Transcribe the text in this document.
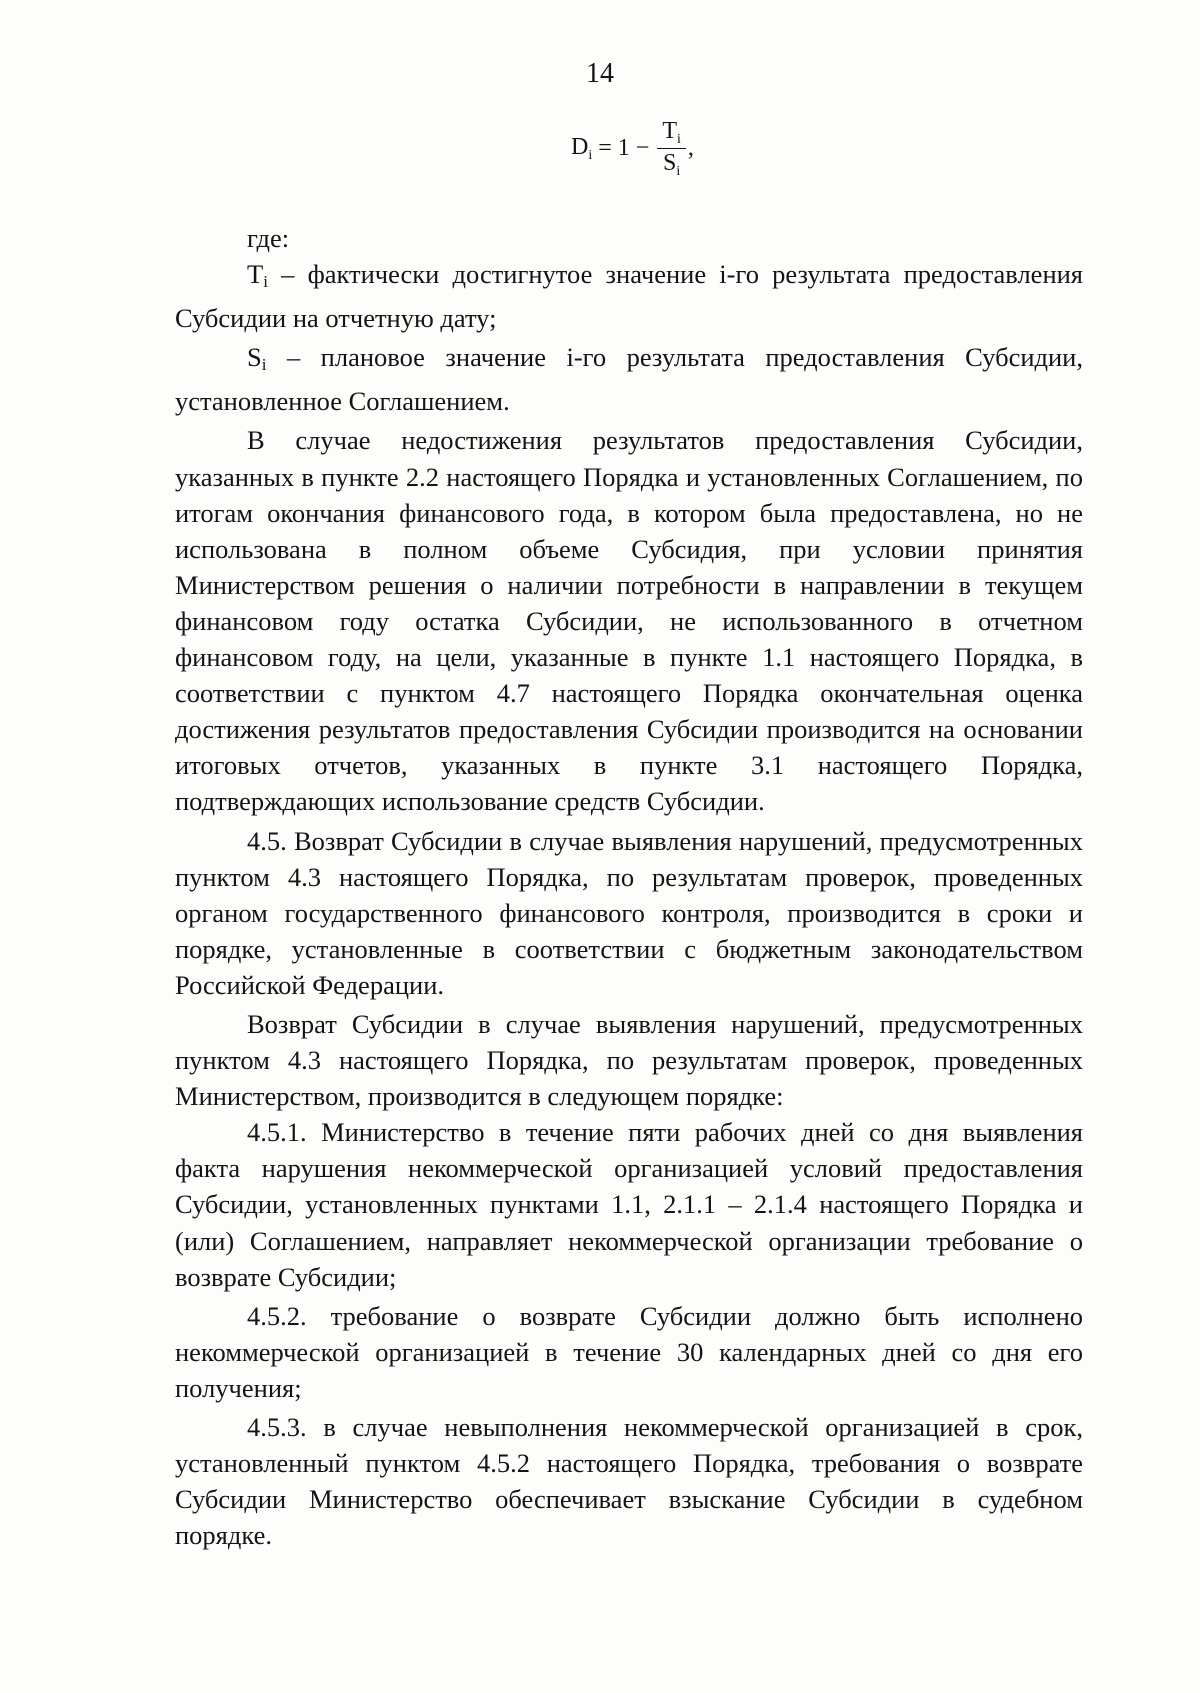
14
$D_i = 1 - \frac{T_i}{S_i}$ ,

где:

$T_i$ – фактически достигнутое значение i-го результата предоставления Субсидии на отчетную дату;

$S_i$ – плановое значение i-го результата предоставления Субсидии, установленное Соглашением.

В случае недостижения результатов предоставления Субсидии, указанных в пункте 2.2 настоящего Порядка и установленных Соглашением, по итогам окончания финансового года, в котором была предоставлена, но не использована в полном объеме Субсидия, при условии принятия Министерством решения о наличии потребности в направлении в текущем финансовом году остатка Субсидии, не использованного в отчетном финансовом году, на цели, указанные в пункте 1.1 настоящего Порядка, в соответствии с пунктом 4.7 настоящего Порядка окончательная оценка достижения результатов предоставления Субсидии производится на основании итоговых отчетов, указанных в пункте 3.1 настоящего Порядка, подтверждающих использование средств Субсидии.

4.5. Возврат Субсидии в случае выявления нарушений, предусмотренных пунктом 4.3 настоящего Порядка, по результатам проверок, проведенных органом государственного финансового контроля, производится в сроки и порядке, установленные в соответствии с бюджетным законодательством Российской Федерации.

Возврат Субсидии в случае выявления нарушений, предусмотренных пунктом 4.3 настоящего Порядка, по результатам проверок, проведенных Министерством, производится в следующем порядке:

4.5.1. Министерство в течение пяти рабочих дней со дня выявления факта нарушения некоммерческой организацией условий предоставления Субсидии, установленных пунктами 1.1, 2.1.1 – 2.1.4 настоящего Порядка и (или) Соглашением, направляет некоммерческой организации требование о возврате Субсидии;

4.5.2. требование о возврате Субсидии должно быть исполнено некоммерческой организацией в течение 30 календарных дней со дня его получения;

4.5.3. в случае невыполнения некоммерческой организацией в срок, установленный пунктом 4.5.2 настоящего Порядка, требования о возврате Субсидии Министерство обеспечивает взыскание Субсидии в судебном порядке.
